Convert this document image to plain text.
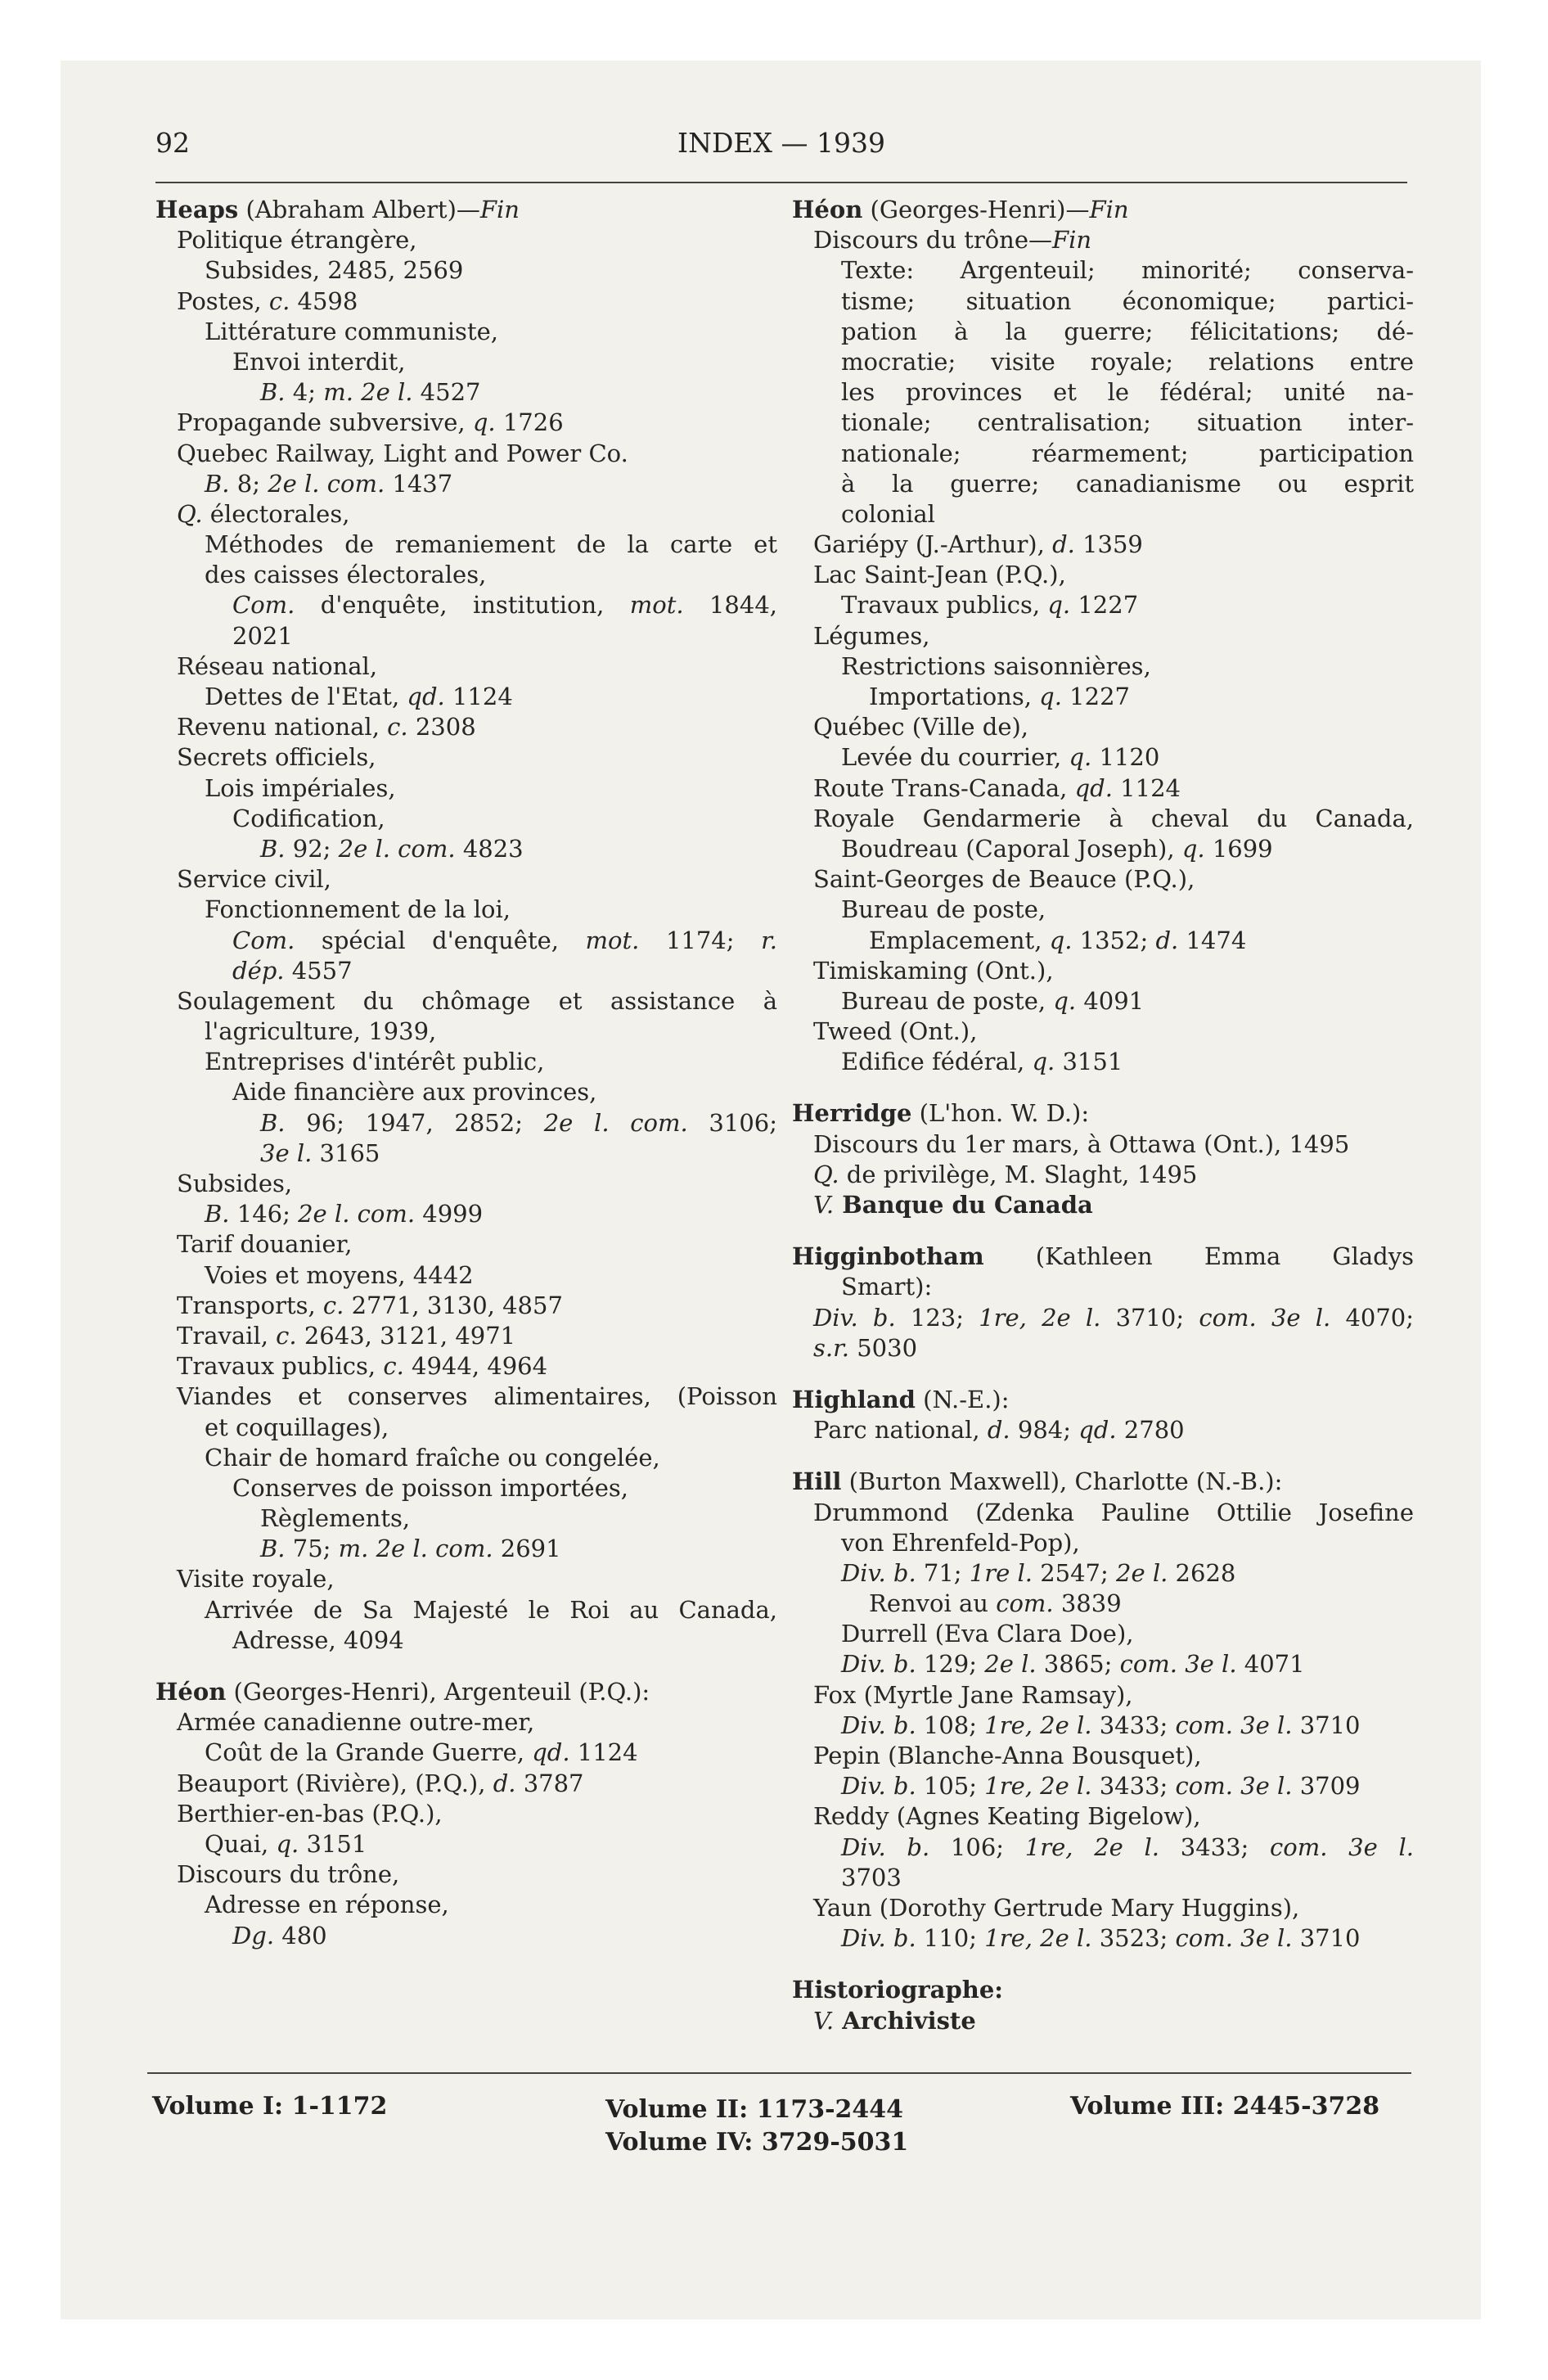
92	INDEX — 1939
Heaps (Abraham Albert)—Fin
Politique étrangère,
Subsides, 2485, 2569
Postes, c. 4598
Littérature communiste,
Envoi interdit,
B. 4; m. 2e l. 4527
Propagande subversive, q. 1726
Quebec Railway, Light and Power Co.
B. 8; 2e l. com. 1437
Q. électorales,
Méthodes de remaniement de la carte et
des caisses électorales,
Com. d'enquête, institution, mot. 1844,
2021
Réseau national,
Dettes de l'Etat, qd. 1124
Revenu national, c. 2308
Secrets officiels,
Lois impériales,
Codification,
B. 92; 2e l. com. 4823
Service civil,
Fonctionnement de la loi,
Com. spécial d'enquête, mot. 1174; r.
dép. 4557
Soulagement du chômage et assistance à
l'agriculture, 1939,
Entreprises d'intérêt public,
Aide financière aux provinces,
B. 96; 1947, 2852; 2e l. com. 3106;
3e l. 3165
Subsides,
B. 146; 2e l. com. 4999
Tarif douanier,
Voies et moyens, 4442
Transports, c. 2771, 3130, 4857
Travail, c. 2643, 3121, 4971
Travaux publics, c. 4944, 4964
Viandes et conserves alimentaires, (Poisson
et coquillages),
Chair de homard fraîche ou congelée,
Conserves de poisson importées,
Règlements,
B. 75; m. 2e l. com. 2691
Visite royale,
Arrivée de Sa Majesté le Roi au Canada,
Adresse, 4094
Héon (Georges-Henri), Argenteuil (P.Q.):
Armée canadienne outre-mer,
Coût de la Grande Guerre, qd. 1124
Beauport (Rivière), (P.Q.), d. 3787
Berthier-en-bas (P.Q.),
Quai, q. 3151
Discours du trône,
Adresse en réponse,
Dg. 480
Héon (Georges-Henri)—Fin
Discours du trône—Fin
Texte: Argenteuil; minorité; conserva-
tisme; situation économique; partici-
pation à la guerre; félicitations; dé-
mocratie; visite royale; relations entre
les provinces et le fédéral; unité na-
tionale; centralisation; situation inter-
nationale; réarmement; participation
à la guerre; canadianisme ou esprit
colonial
Gariépy (J.-Arthur), d. 1359
Lac Saint-Jean (P.Q.),
Travaux publics, q. 1227
Légumes,
Restrictions saisonnières,
Importations, q. 1227
Québec (Ville de),
Levée du courrier, q. 1120
Route Trans-Canada, qd. 1124
Royale Gendarmerie à cheval du Canada,
Boudreau (Caporal Joseph), q. 1699
Saint-Georges de Beauce (P.Q.),
Bureau de poste,
Emplacement, q. 1352; d. 1474
Timiskaming (Ont.),
Bureau de poste, q. 4091
Tweed (Ont.),
Edifice fédéral, q. 3151
Herridge (L'hon. W. D.):
Discours du 1er mars, à Ottawa (Ont.), 1495
Q. de privilège, M. Slaght, 1495
V. Banque du Canada
Higginbotham (Kathleen Emma Gladys
Smart):
Div. b. 123; 1re, 2e l. 3710; com. 3e l. 4070;
s.r. 5030
Highland (N.-E.):
Parc national, d. 984; qd. 2780
Hill (Burton Maxwell), Charlotte (N.-B.):
Drummond (Zdenka Pauline Ottilie Josefine
von Ehrenfeld-Pop),
Div. b. 71; 1re l. 2547; 2e l. 2628
Renvoi au com. 3839
Durrell (Eva Clara Doe),
Div. b. 129; 2e l. 3865; com. 3e l. 4071
Fox (Myrtle Jane Ramsay),
Div. b. 108; 1re, 2e l. 3433; com. 3e l. 3710
Pepin (Blanche-Anna Bousquet),
Div. b. 105; 1re, 2e l. 3433; com. 3e l. 3709
Reddy (Agnes Keating Bigelow),
Div. b. 106; 1re, 2e l. 3433; com. 3e l.
3703
Yaun (Dorothy Gertrude Mary Huggins),
Div. b. 110; 1re, 2e l. 3523; com. 3e l. 3710
Historiographe:
V. Archiviste
Volume I: 1-1172	Volume II: 1173-2444	Volume III: 2445-3728
Volume IV: 3729-5031
